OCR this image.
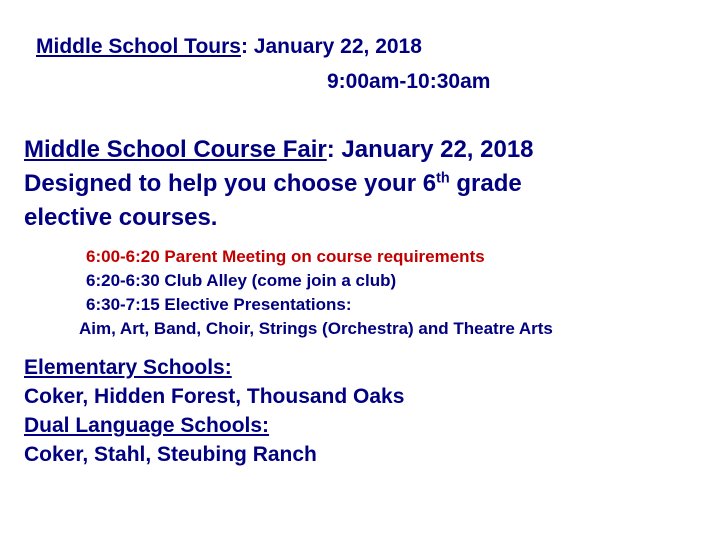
Middle School Tours: January 22, 2018
9:00am-10:30am
Middle School Course Fair: January 22, 2018
Designed to help you choose your 6th grade
elective courses.
6:00-6:20 Parent Meeting on course requirements
6:20-6:30 Club Alley (come join a club)
6:30-7:15 Elective Presentations:
Aim, Art, Band, Choir, Strings (Orchestra) and Theatre Arts
Elementary Schools:
Coker, Hidden Forest, Thousand Oaks
Dual Language Schools:
Coker, Stahl, Steubing Ranch
